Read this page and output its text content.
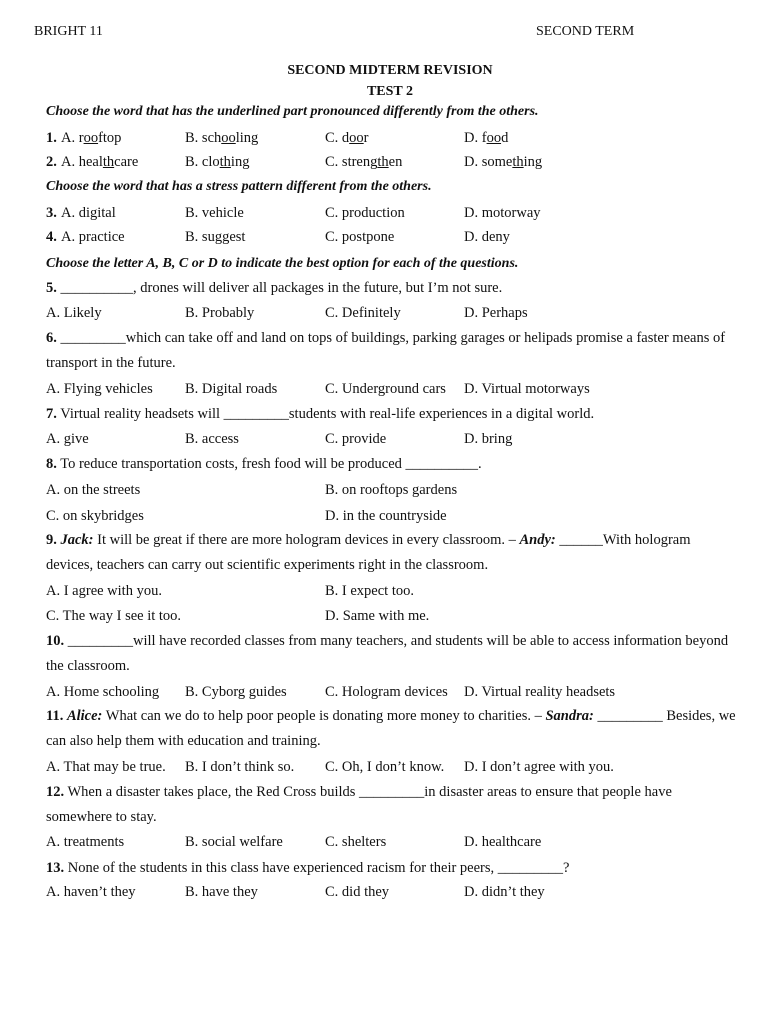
BRIGHT 11	SECOND TERM
SECOND MIDTERM REVISION
TEST 2
Choose the word that has the underlined part pronounced differently from the others.
1. A. rooftop	B. schooling	C. door	D. food
2. A. healthcare	B. clothing	C. strengthen	D. something
Choose the word that has a stress pattern different from the others.
3. A. digital	B. vehicle	C. production	D. motorway
4. A. practice	B. suggest	C. postpone	D. deny
Choose the letter A, B, C or D to indicate the best option for each of the questions.
5. __________, drones will deliver all packages in the future, but I’m not sure.
A. Likely	B. Probably	C. Definitely	D. Perhaps
6. _________which can take off and land on tops of buildings, parking garages or helipads promise a faster means of transport in the future.
A. Flying vehicles B. Digital roads	C. Underground cars D. Virtual motorways
7. Virtual reality headsets will _________students with real-life experiences in a digital world.
A. give	B. access	C. provide	D. bring
8. To reduce transportation costs, fresh food will be produced __________.
A. on the streets	B. on rooftops gardens
C. on skybridges	D. in the countryside
9. Jack: It will be great if there are more hologram devices in every classroom. – Andy: ______With hologram devices, teachers can carry out scientific experiments right in the classroom.
A. I agree with you.	B. I expect too.
C. The way I see it too.	D. Same with me.
10. _________will have recorded classes from many teachers, and students will be able to access information beyond the classroom.
A. Home schooling B. Cyborg guides	C. Hologram devices D. Virtual reality headsets
11. Alice: What can we do to help poor people is donating more money to charities. – Sandra: _________ Besides, we can also help them with education and training.
A. That may be true. B. I don’t think so. C. Oh, I don’t know. D. I don’t agree with you.
12. When a disaster takes place, the Red Cross builds _________in disaster areas to ensure that people have somewhere to stay.
A. treatments	B. social welfare	C. shelters	D. healthcare
13. None of the students in this class have experienced racism for their peers, _________?
A. haven’t they	B. have they	C. did they	D. didn’t they
